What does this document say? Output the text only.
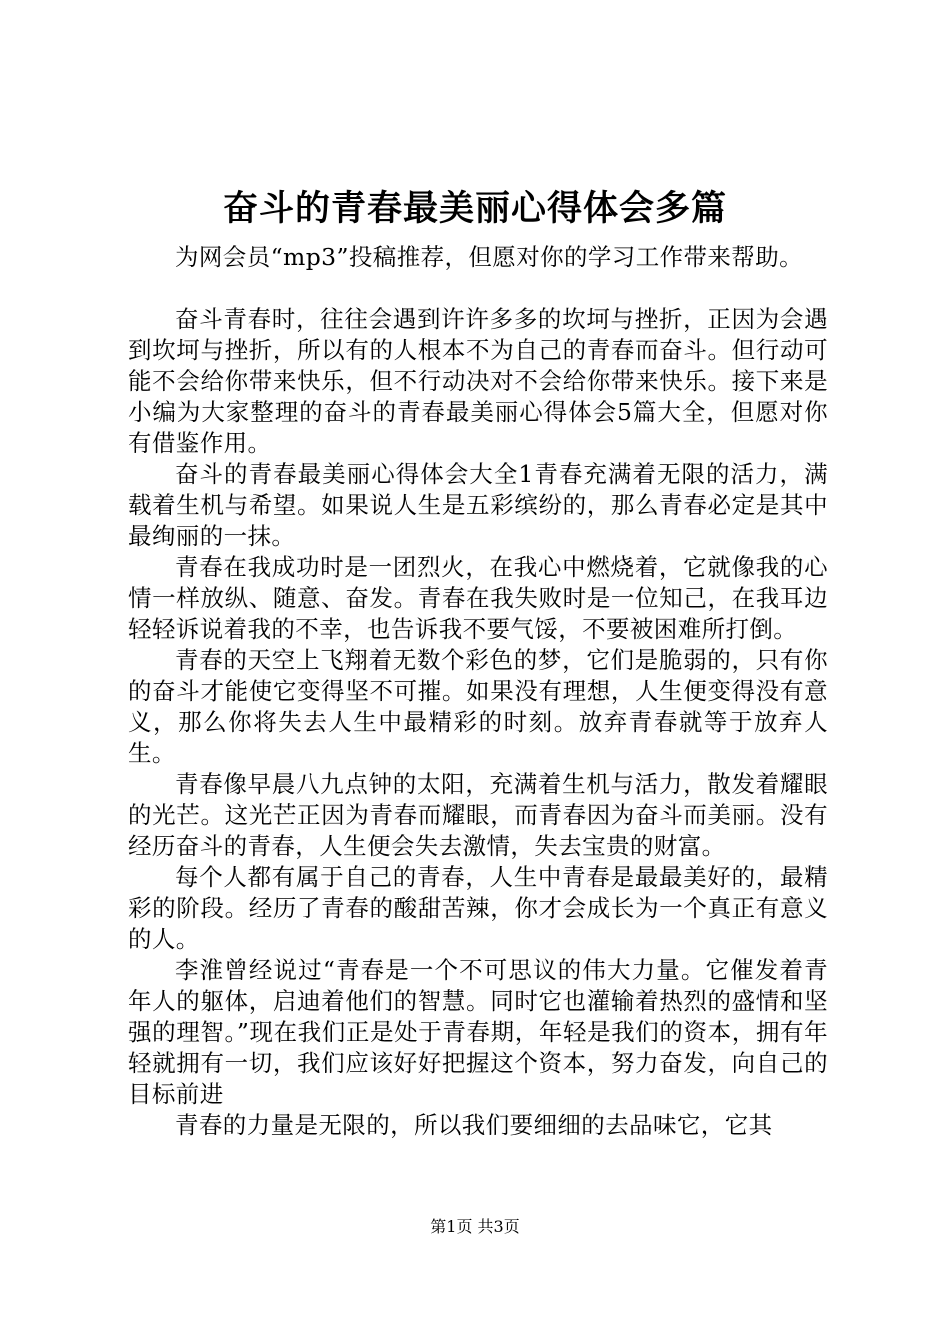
奋斗的青春最美丽心得体会多篇

为网会员“mp3”投稿推荐，但愿对你的学习工作带来帮助。

奋斗青春时，往往会遇到许许多多的坎坷与挫折，正因为会遇到坎坷与挫折，所以有的人根本不为自己的青春而奋斗。但行动可能不会给你带来快乐，但不行动决对不会给你带来快乐。接下来是小编为大家整理的奋斗的青春最美丽心得体会5篇大全，但愿对你有借鉴作用。

奋斗的青春最美丽心得体会大全1青春充满着无限的活力，满载着生机与希望。如果说人生是五彩缤纷的，那么青春必定是其中最绚丽的一抹。

青春在我成功时是一团烈火，在我心中燃烧着，它就像我的心情一样放纵、随意、奋发。青春在我失败时是一位知己，在我耳边轻轻诉说着我的不幸，也告诉我不要气馁，不要被困难所打倒。

青春的天空上飞翔着无数个彩色的梦，它们是脆弱的，只有你的奋斗才能使它变得坚不可摧。如果没有理想，人生便变得没有意义，那么你将失去人生中最精彩的时刻。放弃青春就等于放弃人生。

青春像早晨八九点钟的太阳，充满着生机与活力，散发着耀眼的光芒。这光芒正因为青春而耀眼，而青春因为奋斗而美丽。没有经历奋斗的青春，人生便会失去激情，失去宝贵的财富。

每个人都有属于自己的青春，人生中青春是最最美好的，最精彩的阶段。经历了青春的酸甜苦辣，你才会成长为一个真正有意义的人。

李淮曾经说过“青春是一个不可思议的伟大力量。它催发着青年人的躯体，启迪着他们的智慧。同时它也灌输着热烈的盛情和坚强的理智。”现在我们正是处于青春期，年轻是我们的资本，拥有年轻就拥有一切，我们应该好好把握这个资本，努力奋发，向自己的目标前进

青春的力量是无限的，所以我们要细细的去品味它，它其

第1页 共3页
